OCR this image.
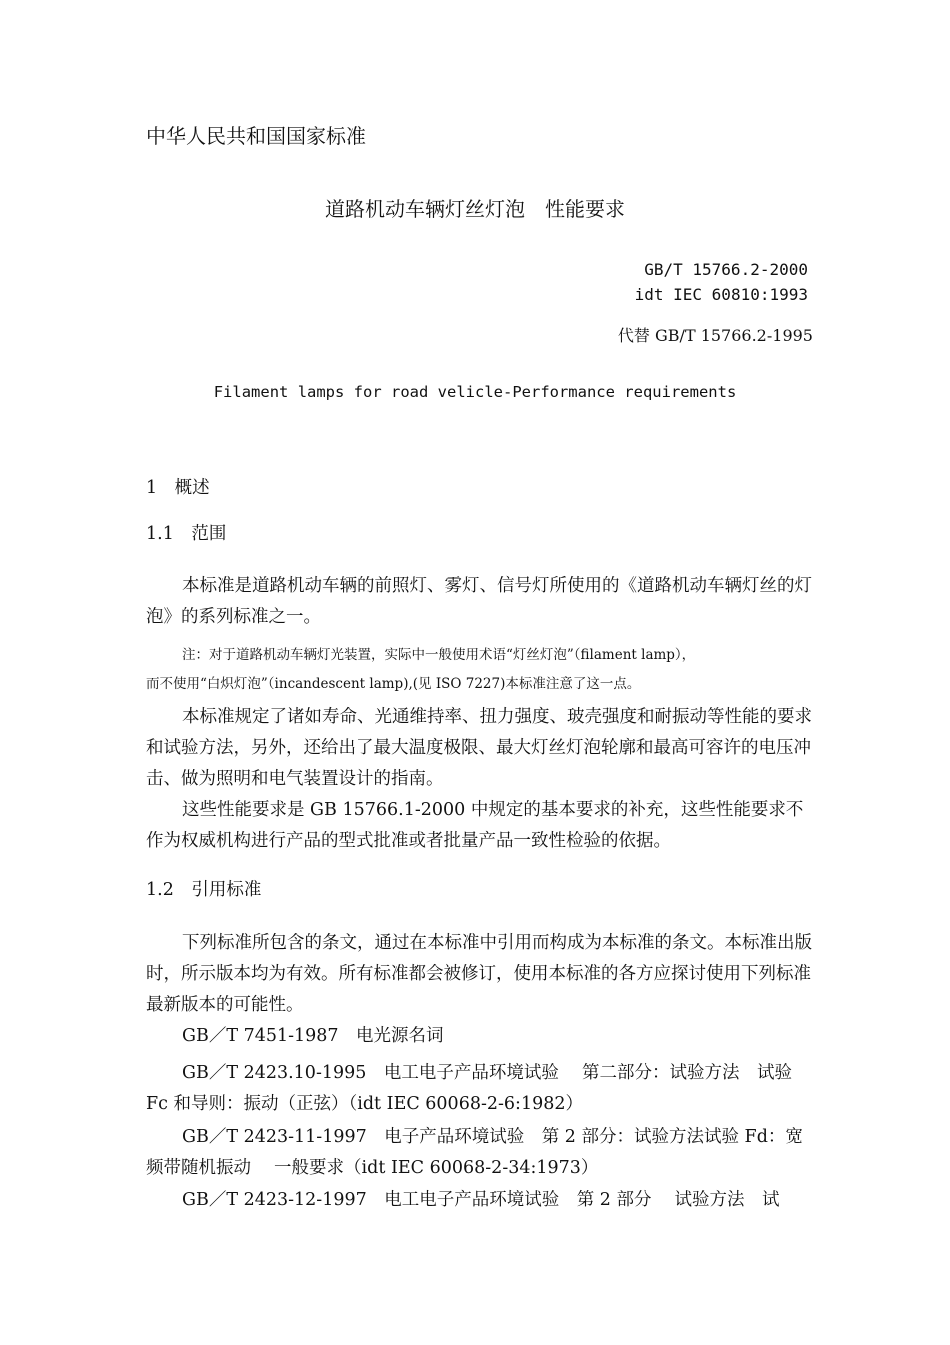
中华人民共和国国家标准
道路机动车辆灯丝灯泡　性能要求
GB/T 15766.2-2000
idt IEC 60810:1993
代替 GB/T 15766.2-1995
Filament lamps for road velicle-Performance requirements
1　概述
1.1　范围

本标准是道路机动车辆的前照灯、雾灯、信号灯所使用的《道路机动车辆灯丝的灯泡》的系列标准之一。

注：对于道路机动车辆灯光装置，实际中一般使用术语“灯丝灯泡”（filament lamp），
而不使用“白炽灯泡”（incandescent lamp),(见 ISO 7227)本标准注意了这一点。

本标准规定了诸如寿命、光通维持率、扭力强度、玻壳强度和耐振动等性能的要求和试验方法，另外，还给出了最大温度极限、最大灯丝灯泡轮廓和最高可容许的电压冲击、做为照明和电气装置设计的指南。

这些性能要求是 GB 15766.1-2000 中规定的基本要求的补充，这些性能要求不作为权威机构进行产品的型式批准或者批量产品一致性检验的依据。

1.2　引用标准

下列标准所包含的条文，通过在本标准中引用而构成为本标准的条文。本标准出版时，所示版本均为有效。所有标准都会被修订，使用本标准的各方应探讨使用下列标准最新版本的可能性。

GB／T 7451-1987　电光源名词

GB／T 2423.10-1995　电工电子产品环境试验　 第二部分：试验方法　试验 Fc 和导则：振动（正弦）（idt IEC 60068-2-6:1982）

GB／T 2423-11-1997　电子产品环境试验　第 2 部分：试验方法试验 Fd：宽频带随机振动　 一般要求（idt IEC 60068-2-34:1973）

GB／T 2423-12-1997　电工电子产品环境试验　第 2 部分　 试验方法　试
